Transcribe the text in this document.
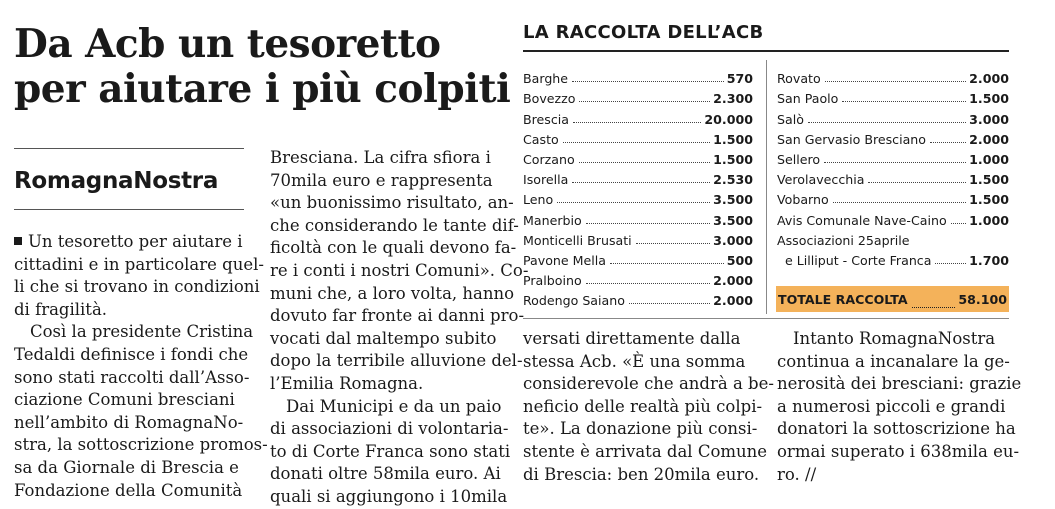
Da Acb un tesoretto
per aiutare i più colpiti
RomagnaNostra
Un tesoretto per aiutare i
cittadini e in particolare quel-
li che si trovano in condizioni
di fragilità.
Così la presidente Cristina
Tedaldi definisce i fondi che
sono stati raccolti dall’Asso-
ciazione Comuni bresciani
nell’ambito di RomagnaNo-
stra, la sottoscrizione promos-
sa da Giornale di Brescia e
Fondazione della Comunità
Bresciana. La cifra sfiora i
70mila euro e rappresenta
«un buonissimo risultato, an-
che considerando le tante dif-
ficoltà con le quali devono fa-
re i conti i nostri Comuni». Co-
muni che, a loro volta, hanno
dovuto far fronte ai danni pro-
vocati dal maltempo subito
dopo la terribile alluvione del-
l’Emilia Romagna.
Dai Municipi e da un paio
di associazioni di volontaria-
to di Corte Franca sono stati
donati oltre 58mila euro. Ai
quali si aggiungono i 10mila
versati direttamente dalla
stessa Acb. «È una somma
considerevole che andrà a be-
neficio delle realtà più colpi-
te». La donazione più consi-
stente è arrivata dal Comune
di Brescia: ben 20mila euro.
Intanto RomagnaNostra
continua a incanalare la ge-
nerosità dei bresciani: grazie
a numerosi piccoli e grandi
donatori la sottoscrizione ha
ormai superato i 638mila eu-
ro. //
LA RACCOLTA DELL’ACB
Barghe	570
Bovezzo	2.300
Brescia	20.000
Casto	1.500
Corzano	1.500
Isorella	2.530
Leno	3.500
Manerbio	3.500
Monticelli Brusati	3.000
Pavone Mella	500
Pralboino	2.000
Rodengo Saiano	2.000
Rovato	2.000
San Paolo	1.500
Salò	3.000
San Gervasio Bresciano	2.000
Sellero	1.000
Verolavecchia	1.500
Vobarno	1.500
Avis Comunale Nave-Caino 1.000
Associazioni 25aprile
e Lilliput - Corte Franca	1.700
TOTALE RACCOLTA	58.100
